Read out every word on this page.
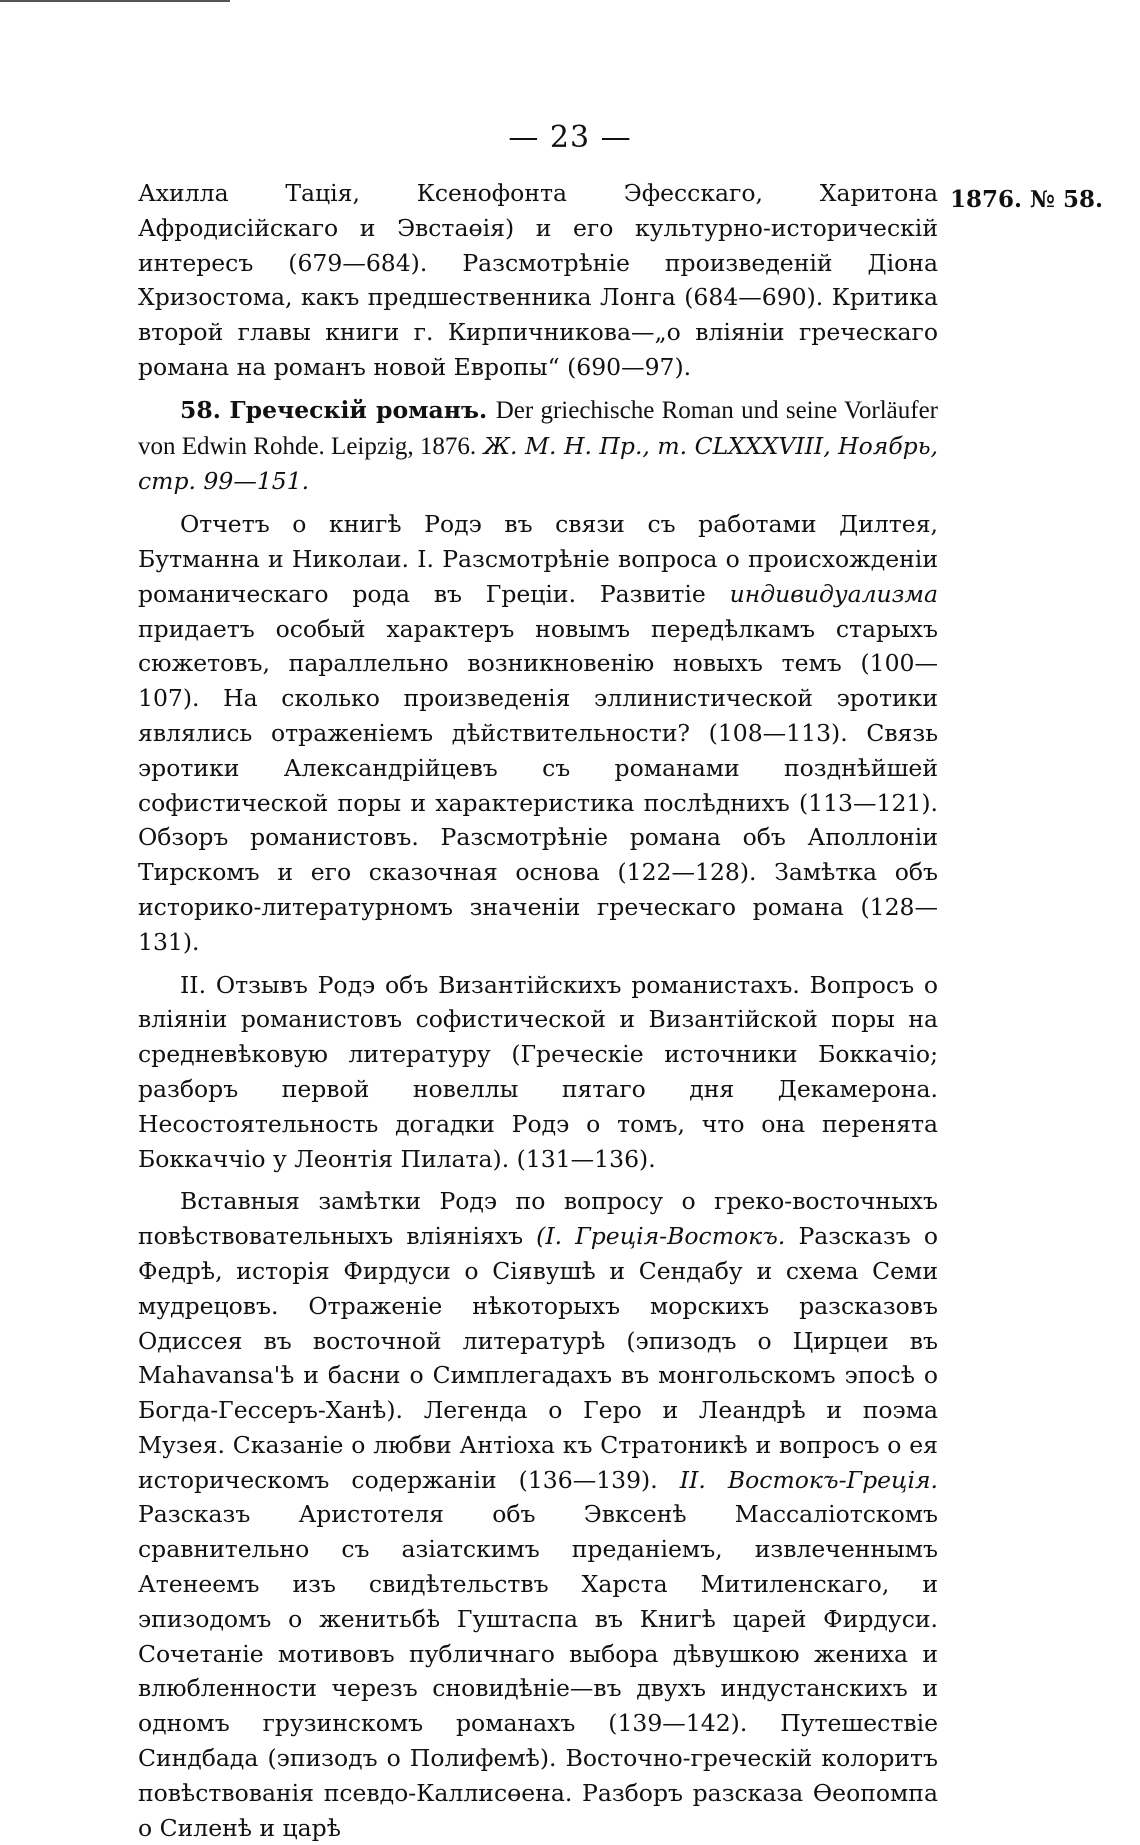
— 23 —
1876. № 58.

Ахилла Тація, Ксенофонта Эфесскаго, Харитона Афродисійскаго и Эвстаөія) и его культурно-историческій интересъ (679—684). Разсмотрѣніе произведеній Діона Хризостома, какъ предшественника Лонга (684—690). Критика второй главы книги г. Кирпичникова—„о вліяніи греческаго романа на романъ новой Европы“ (690—97).

58. Греческій романъ. Der griechische Roman und seine Vorläufer von Edwin Rohde. Leipzig, 1876. Ж. М. Н. Пр., т. CLXXXVIII, Ноябрь, стр. 99—151.

Отчетъ о книгѣ Родэ въ связи съ работами Дилтея, Бутманна и Николаи. I. Разсмотрѣніе вопроса о происхожденіи романическаго рода въ Греціи. Развитіе индивидуализма придаетъ особый характеръ новымъ передѣлкамъ старыхъ сюжетовъ, параллельно возникновенію новыхъ темъ (100—107). На сколько произведенія эллинистической эротики являлись отраженіемъ дѣйствительности? (108—113). Связь эротики Александрійцевъ съ романами позднѣйшей софистической поры и характеристика послѣднихъ (113—121). Обзоръ романистовъ. Разсмотрѣніе романа объ Аполлоніи Тирскомъ и его сказочная основа (122—128). Замѣтка объ историко-литературномъ значеніи греческаго романа (128—131).

II. Отзывъ Родэ объ Византійскихъ романистахъ. Вопросъ о вліяніи романистовъ софистической и Византійской поры на средневѣковую литературу (Греческіе источники Боккачіо; разборъ первой новеллы пятаго дня Декамерона. Несостоятельность догадки Родэ о томъ, что она перенята Боккаччіо у Леонтія Пилата). (131—136).

Вставныя замѣтки Родэ по вопросу о греко-восточныхъ повѣствовательныхъ вліяніяхъ (I. Греція-Востокъ. Разсказъ о Федрѣ, исторія Фирдуси о Сіявушѣ и Сендабу и схема Семи мудрецовъ. Отраженіе нѣкоторыхъ морскихъ разсказовъ Одиссея въ восточной литературѣ (эпизодъ о Цирцеи въ Mahavansa'ѣ и басни о Симплегадахъ въ монгольскомъ эпосѣ о Богда-Гессеръ-Ханѣ). Легенда о Геро и Леандрѣ и поэма Музея. Сказаніе о любви Антіоха къ Стратоникѣ и вопросъ о ея историческомъ содержаніи (136—139). II. Востокъ-Греція. Разсказъ Аристотеля объ Эвксенѣ Массаліотскомъ сравнительно съ азіатскимъ преданіемъ, извлеченнымъ Атенеемъ изъ свидѣтельствъ Харста Митиленскаго, и эпизодомъ о женитьбѣ Гуштаспа въ Книгѣ царей Фирдуси. Сочетаніе мотивовъ публичнаго выбора дѣвушкою жениха и влюбленности черезъ сновидѣніе—въ двухъ индустанскихъ и одномъ грузинскомъ романахъ (139—142). Путешествіе Синдбада (эпизодъ о Полифемѣ). Восточно-греческій колоритъ повѣствованія псевдо-Каллисөена. Разборъ разсказа Өеопомпа о Силенѣ и царѣ
